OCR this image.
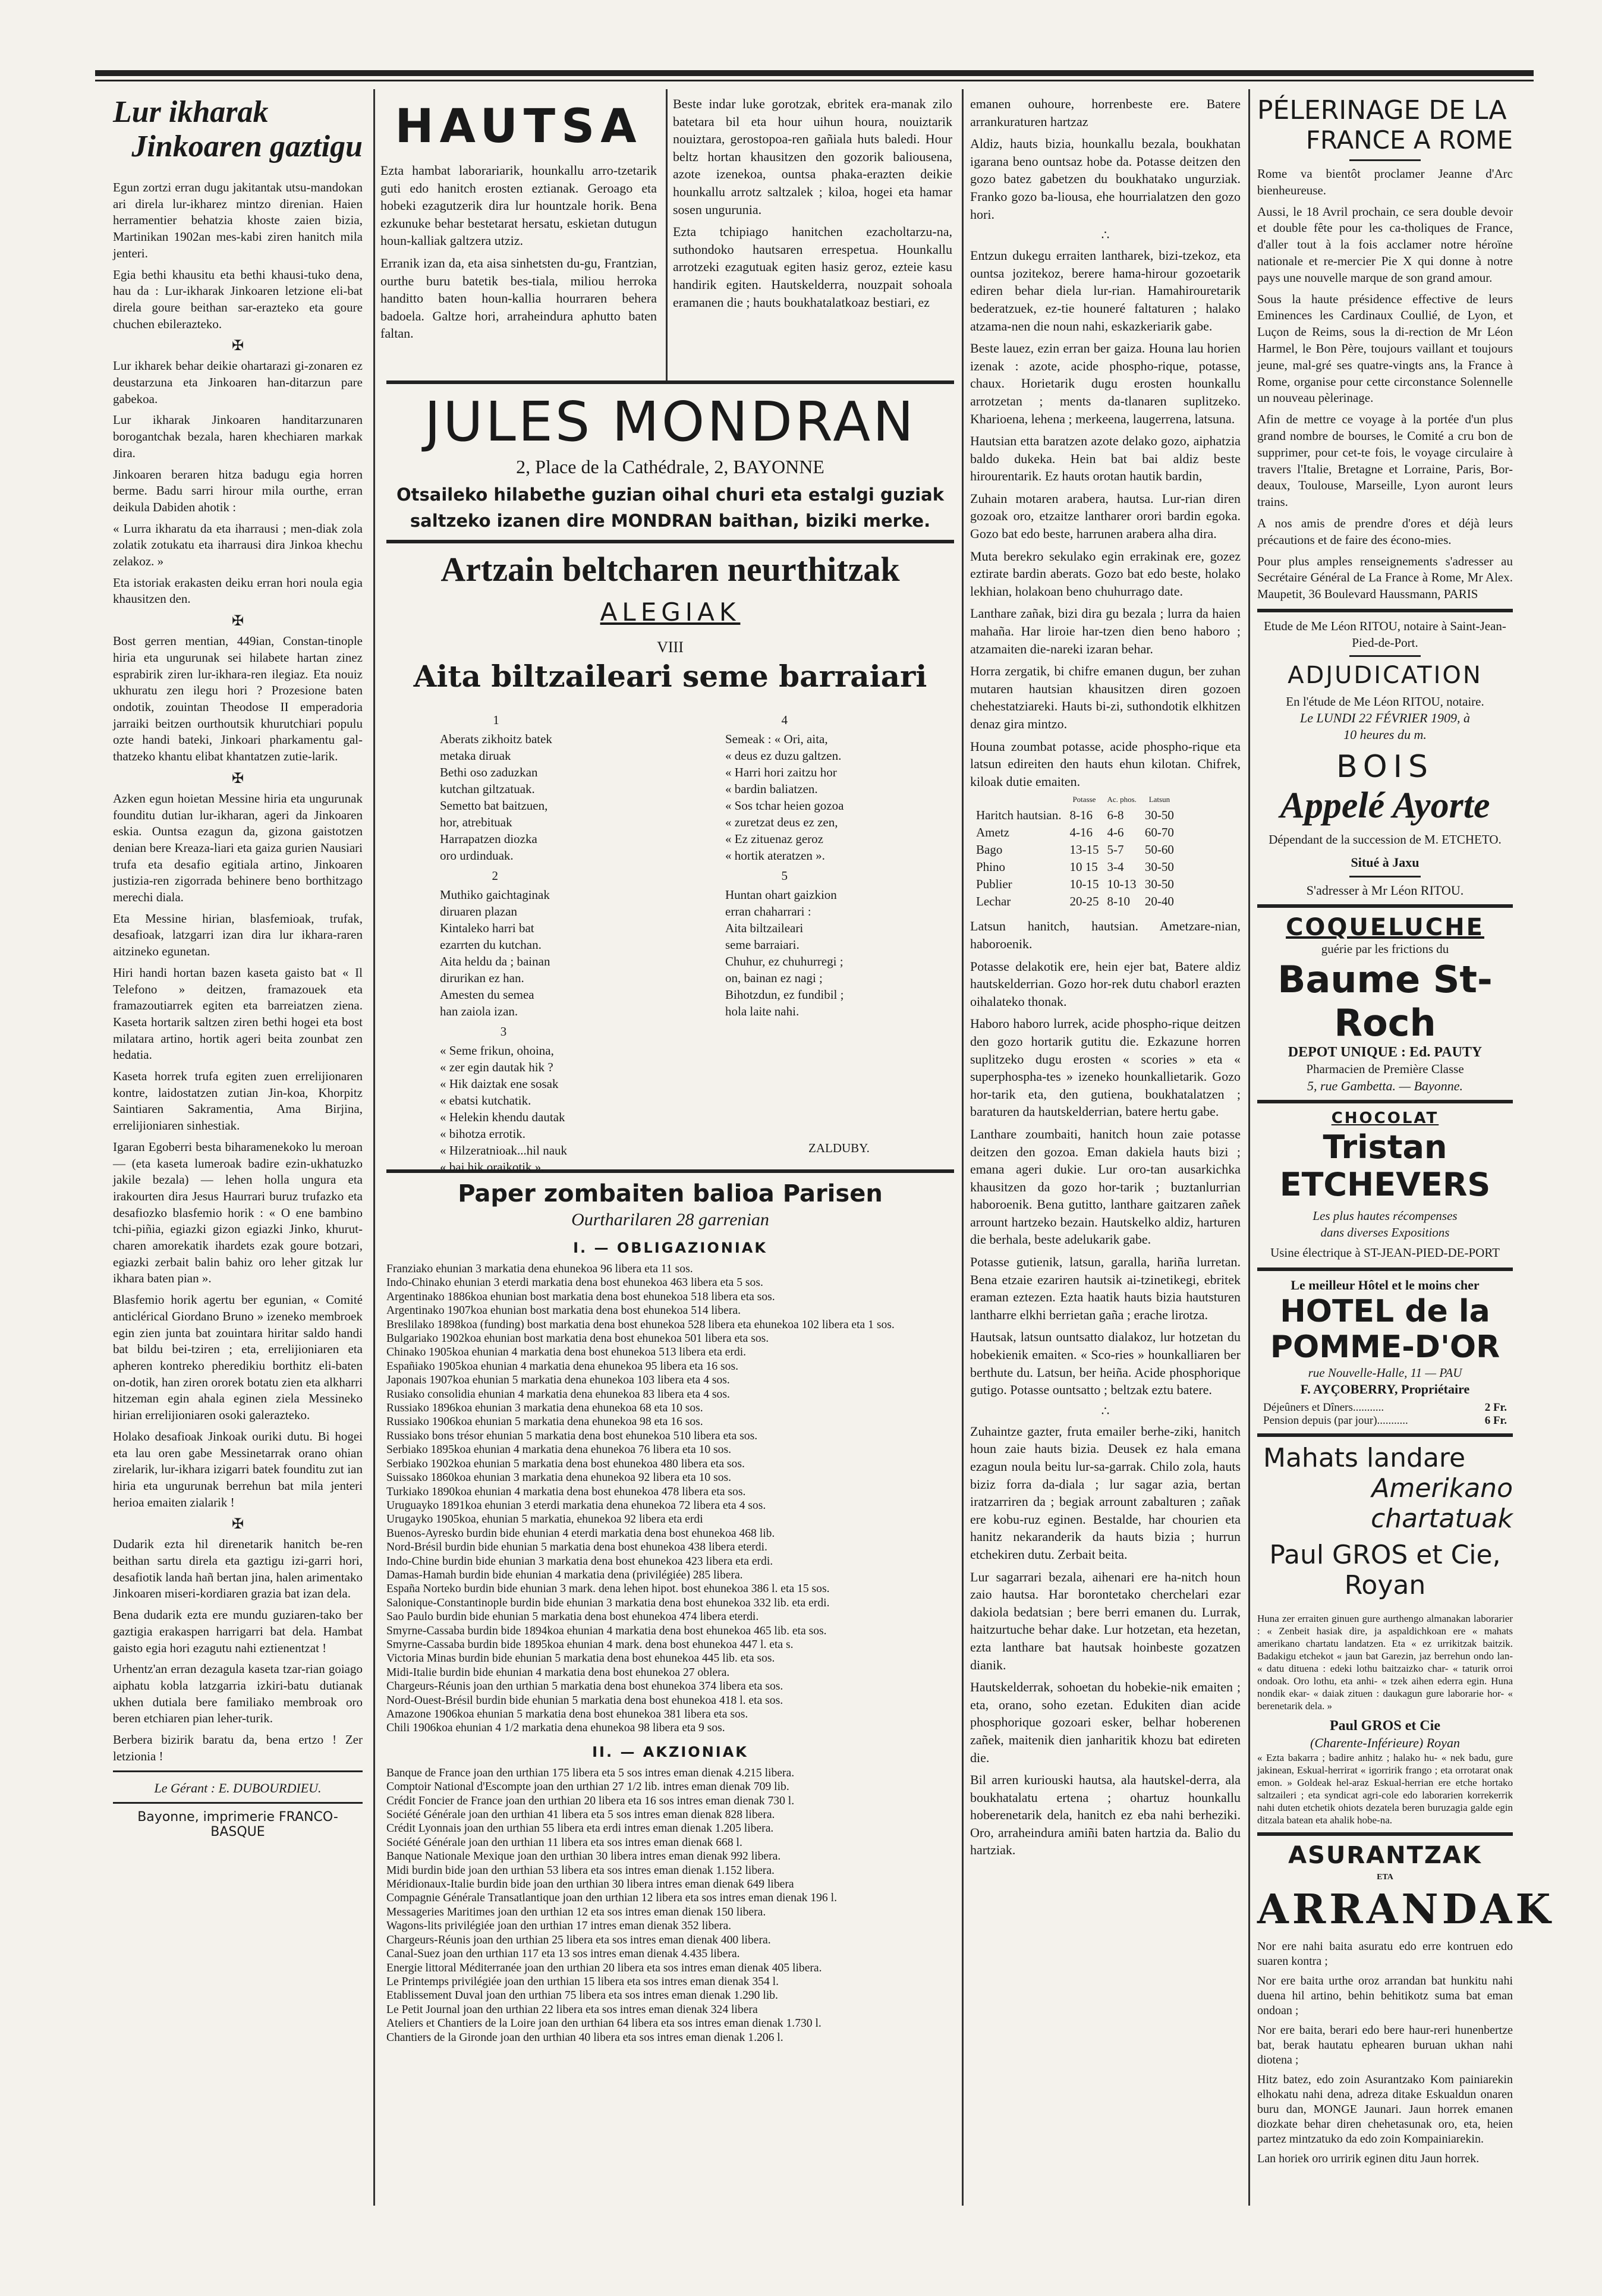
Lur ikharak
Jinkoaren gaztigu

Egun zortzi erran dugu jakitantak utsu-mandokan ari direla lur-ikharez mintzo direnian. Haien herramentier behatzia khoste zaien bizia, Martinikan 1902an mes-kabi ziren hanitch mila jenteri.

Egia bethi khausitu eta bethi khausi-tuko dena, hau da : Lur-ikharak Jinkoaren letzione eli-bat direla goure beithan sar-erazteko eta goure chuchen ebilerazteko.

✠

Lur ikharek behar deikie ohartarazi gi-zonaren ez deustarzuna eta Jinkoaren han-ditarzun pare gabekoa.

Lur ikharak Jinkoaren handitarzunaren borogantchak bezala, haren khechiaren markak dira.

Jinkoaren beraren hitza badugu egia horren berme. Badu sarri hirour mila ourthe, erran deikula Dabiden ahotik :

« Lurra ikharatu da eta iharrausi ; men-diak zola zolatik zotukatu eta iharrausi dira Jinkoa khechu zelakoz. »

Eta istoriak erakasten deiku erran hori noula egia khausitzen den.

✠

Bost gerren mentian, 449ian, Constan-tinople hiria eta ungurunak sei hilabete hartan zinez esprabirik ziren lur-ikhara-ren ilegiaz. Eta nouiz ukhuratu zen ilegu hori ? Prozesione baten ondotik, zouintan Theodose II emperadoria jarraiki beitzen ourthoutsik khurutchiari populu ozte handi bateki, Jinkoari pharkamentu gal-thatzeko khantu elibat khantatzen zutie-larik.

✠

Azken egun hoietan Messine hiria eta ungurunak founditu dutian lur-ikharan, ageri da Jinkoaren eskia. Ountsa ezagun da, gizona gaistotzen denian bere Kreaza-liari eta gaiza gurien Nausiari trufa eta desafio egitiala artino, Jinkoaren justizia-ren zigorrada behinere beno borthitzago merechi diala.

Eta Messine hirian, blasfemioak, trufak, desafioak, latzgarri izan dira lur ikhara-raren aitzineko egunetan.

Hiri handi hortan bazen kaseta gaisto bat « Il Telefono » deitzen, framazouek eta framazoutiarrek egiten eta barreiatzen ziena. Kaseta hortarik saltzen ziren bethi hogei eta bost milatara artino, hortik ageri beita zounbat zen hedatia.

Kaseta horrek trufa egiten zuen errelijionaren kontre, laidostatzen zutian Jin-koa, Khorpitz Saintiaren Sakramentia, Ama Birjina, errelijioniaren sinhestiak.

Igaran Egoberri besta biharamenekoko lu meroan — (eta kaseta lumeroak badire ezin-ukhatuzko jakile bezala) — lehen holla ungura eta irakourten dira Jesus Haurrari buruz trufazko eta desafiozko blasfemio horik : « O ene bambino tchi-piñia, egiazki gizon egiazki Jinko, khurut-charen amorekatik ihardets ezak goure botzari, egiazki zerbait balin bahiz oro leher gitzak lur ikhara baten pian ».

Blasfemio horik agertu ber egunian, « Comité anticlérical Giordano Bruno » izeneko membroek egin zien junta bat zouintara hiritar saldo handi bat bildu bei-tziren ; eta, errelijioniaren eta apheren kontreko pheredikiu borthitz eli-baten on-dotik, han ziren ororek botatu zien eta alkharri hitzeman egin ahala eginen ziela Messineko hirian errelijioniaren osoki galerazteko.

Holako desafioak Jinkoak ouriki dutu. Bi hogei eta lau oren gabe Messinetarrak orano ohian zirelarik, lur-ikhara izigarri batek founditu zut ian hiria eta ungurunak berrehun bat mila jenteri herioa emaiten zialarik !

✠

Dudarik ezta hil direnetarik hanitch be-ren beithan sartu direla eta gaztigu izi-garri hori, desafiotik landa hañ bertan jina, halen arimentako Jinkoaren miseri-kordiaren grazia bat izan dela.

Bena dudarik ezta ere mundu guziaren-tako ber gaztigia erakaspen harrigarri bat dela. Hambat gaisto egia hori ezagutu nahi eztienentzat !

Urhentz'an erran dezagula kaseta tzar-rian goiago aiphatu kobla latzgarria izkiri-batu dutianak ukhen dutiala bere familiako membroak oro beren etchiaren pian leher-turik.

Berbera bizirik baratu da, bena ertzo ! Zer letzionia !

Le Gérant : E. DUBOURDIEU.
Bayonne, imprimerie FRANCO-BASQUE
HAUTSA

Ezta hambat laborariarik, hounkallu arro-tzetarik guti edo hanitch erosten eztianak. Geroago eta hobeki ezagutzerik dira lur hountzale horik. Bena ezkunuke behar bestetarat hersatu, eskietan dutugun houn-kalliak galtzera utziz.

Erranik izan da, eta aisa sinhetsten du-gu, Frantzian, ourthe buru batetik bes-tiala, miliou herroka handitto baten houn-kallia hourraren behera badoela. Galtze hori, arraheindura aphutto baten faltan.

Beste indar luke gorotzak, ebritek era-manak zilo batetara bil eta hour uihun houra, nouiztarik nouiztara, gerostopoa-ren gañiala huts baledi. Hour beltz hortan khausitzen den gozorik baliousena, azote izenekoa, ountsa phaka-erazten deikie hounkallu arrotz saltzalek ; kiloa, hogei eta hamar sosen ungurunia.

Ezta tchipiago hanitchen ezacholtarzu-na, suthondoko hautsaren errespetua. Hounkallu arrotzeki ezagutuak egiten hasiz geroz, ezteie kasu handirik egiten. Hautskelderra, nouzpait sohoala eramanen die ; hauts boukhatalatkoaz bestiari, ez

JULES MONDRAN
2, Place de la Cathédrale, 2, BAYONNE
Otsaileko hilabethe guzian oihal churi eta estalgi guziak
saltzeko izanen dire MONDRAN baithan, biziki merke.
Artzain beltcharen neurthitzak
ALEGIAK
VIII
Aita biltzaileari seme barraiari
1
Aberats zikhoitz batek
metaka diruak
Bethi oso zaduzkan
kutchan giltzatuak.
Semetto bat baitzuen,
hor, atrebituak
Harrapatzen diozka
oro urdinduak.
2
Muthiko gaichtaginak
diruaren plazan
Kintaleko harri bat
ezarrten du kutchan.
Aita heldu da ; bainan
dirurikan ez han.
Amesten du semea
han zaiola izan.
3
« Seme frikun, ohoina,
« zer egin dautak hik ?
« Hik daiztak ene sosak
« ebatsi kutchatik.
« Helekin khendu dautak
« bihotza errotik.
« Hilzeratnioak...hil nauk
« bai hik oraikotik ».
4
Semeak : « Ori, aita,
« deus ez duzu galtzen.
« Harri hori zaitzu hor
« bardin baliatzen.
« Sos tchar heien gozoa
« zuretzat deus ez zen,
« Ez zituenaz geroz
« hortik ateratzen ».
5
Huntan ohart gaizkion
erran chaharrari :
Aita biltzaileari
seme barraiari.
Chuhur, ez chuhurregi ;
on, bainan ez nagi ;
Bihotzdun, ez fundibil ;
hola laite nahi.
ZALDUBY.
Paper zombaiten balioa Parisen
Ourtharilaren 28 garrenian
I. — OBLIGAZIONIAK

Franziako ehunian 3 markatia dena ehunekoa 96 libera eta 11 sos.

Indo-Chinako ehunian 3 eterdi markatia dena bost ehunekoa 463 libera eta 5 sos.

Argentinako 1886koa ehunian bost markatia dena bost ehunekoa 518 libera eta sos.

Argentinako 1907koa ehunian bost markatia dena bost ehunekoa 514 libera.

Breslilako 1898koa (funding) bost markatia dena bost ehunekoa 528 libera eta ehunekoa 102 libera eta 1 sos.

Bulgariako 1902koa ehunian bost markatia dena bost ehunekoa 501 libera eta sos.

Chinako 1905koa ehunian 4 markatia dena bost ehunekoa 513 libera eta erdi.

Españiako 1905koa ehunian 4 markatia dena ehunekoa 95 libera eta 16 sos.

Japonais 1907koa ehunian 5 markatia dena ehunekoa 103 libera eta 4 sos.

Rusiako consolidia ehunian 4 markatia dena ehunekoa 83 libera eta 4 sos.

Russiako 1896koa ehunian 3 markatia dena ehunekoa 68 eta 10 sos.

Russiako 1906koa ehunian 5 markatia dena ehunekoa 98 eta 16 sos.

Russiako bons trésor ehunian 5 markatia dena bost ehunekoa 510 libera eta sos.

Serbiako 1895koa ehunian 4 markatia dena ehunekoa 76 libera eta 10 sos.

Serbiako 1902koa ehunian 5 markatia dena bost ehunekoa 480 libera eta sos.

Suissako 1860koa ehunian 3 markatia dena ehunekoa 92 libera eta 10 sos.

Turkiako 1890koa ehunian 4 markatia dena bost ehunekoa 478 libera eta sos.

Uruguayko 1891koa ehunian 3 eterdi markatia dena ehunekoa 72 libera eta 4 sos.

Urugayko 1905koa, ehunian 5 markatia, ehunekoa 92 libera eta erdi

Buenos-Ayresko burdin bide ehunian 4 eterdi markatia dena bost ehunekoa 468 lib.

Nord-Brésil burdin bide ehunian 5 markatia dena bost ehunekoa 438 libera eterdi.

Indo-Chine burdin bide ehunian 3 markatia dena bost ehunekoa 423 libera eta erdi.

Damas-Hamah burdin bide ehunian 4 markatia dena (privilégiée) 285 libera.

España Norteko burdin bide ehunian 3 mark. dena lehen hipot. bost ehunekoa 386 l. eta 15 sos.

Salonique-Constantinople burdin bide ehunian 3 markatia dena bost ehunekoa 332 lib. eta erdi.

Sao Paulo burdin bide ehunian 5 markatia dena bost ehunekoa 474 libera eterdi.

Smyrne-Cassaba burdin bide 1894koa ehunian 4 markatia dena bost ehunekoa 465 lib. eta sos.

Smyrne-Cassaba burdin bide 1895koa ehunian 4 mark. dena bost ehunekoa 447 l. eta s.

Victoria Minas burdin bide ehunian 5 markatia dena bost ehunekoa 445 lib. eta sos.

Midi-Italie burdin bide ehunian 4 markatia dena bost ehunekoa 27 oblera.

Chargeurs-Réunis joan den urthian 5 markatia dena bost ehunekoa 374 libera eta sos.

Nord-Ouest-Brésil burdin bide ehunian 5 markatia dena bost ehunekoa 418 l. eta sos.

Amazone 1906koa ehunian 5 markatia dena bost ehunekoa 381 libera eta sos.

Chili 1906koa ehunian 4 1/2 markatia dena ehunekoa 98 libera eta 9 sos.

II. — AKZIONIAK

Banque de France joan den urthian 175 libera eta 5 sos intres eman dienak 4.215 libera.

Comptoir National d'Escompte joan den urthian 27 1/2 lib. intres eman dienak 709 lib.

Crédit Foncier de France joan den urthian 20 libera eta 16 sos intres eman dienak 730 l.

Société Générale joan den urthian 41 libera eta 5 sos intres eman dienak 828 libera.

Crédit Lyonnais joan den urthian 55 libera eta erdi intres eman dienak 1.205 libera.

Société Générale joan den urthian 11 libera eta sos intres eman dienak 668 l.

Banque Nationale Mexique joan den urthian 30 libera intres eman dienak 992 libera.

Midi burdin bide joan den urthian 53 libera eta sos intres eman dienak 1.152 libera.

Méridionaux-Italie burdin bide joan den urthian 30 libera intres eman dienak 649 libera

Compagnie Générale Transatlantique joan den urthian 12 libera eta sos intres eman dienak 196 l.

Messageries Maritimes joan den urthian 12 eta sos intres eman dienak 150 libera.

Wagons-lits privilégiée joan den urthian 17 intres eman dienak 352 libera.

Chargeurs-Réunis joan den urthian 25 libera eta sos intres eman dienak 400 libera.

Canal-Suez joan den urthian 117 eta 13 sos intres eman dienak 4.435 libera.

Energie littoral Méditerranée joan den urthian 20 libera eta sos intres eman dienak 405 libera.

Le Printemps privilégiée joan den urthian 15 libera eta sos intres eman dienak 354 l.

Etablissement Duval joan den urthian 75 libera eta sos intres eman dienak 1.290 lib.

Le Petit Journal joan den urthian 22 libera eta sos intres eman dienak 324 libera

Ateliers et Chantiers de la Loire joan den urthian 64 libera eta sos intres eman dienak 1.730 l.

Chantiers de la Gironde joan den urthian 40 libera eta sos intres eman dienak 1.206 l.

emanen ouhoure, horrenbeste ere. Batere arrankuraturen hartzaz

Aldiz, hauts bizia, hounkallu bezala, boukhatan igarana beno ountsaz hobe da. Potasse deitzen den gozo batez gabetzen du boukhatako ungurziak. Franko gozo ba-liousa, ehe hourrialatzen den gozo hori.

∴

Entzun dukegu erraiten lantharek, bizi-tzekoz, eta ountsa jozitekoz, berere hama-hirour gozoetarik ediren behar diela lur-rian. Hamahirouretarik bederatzuek, ez-tie houneré faltaturen ; halako atzama-nen die noun nahi, eskazkeriarik gabe.

Beste lauez, ezin erran ber gaiza. Houna lau horien izenak : azote, acide phospho-rique, potasse, chaux. Horietarik dugu erosten hounkallu arrotzetan ; ments da-tlanaren suplitzeko. Kharioena, lehena ; merkeena, laugerrena, latsuna.

Hautsian etta baratzen azote delako gozo, aiphatzia baldo dukeka. Hein bat bai aldiz beste hirourentarik. Ez hauts orotan hautik bardin,

Zuhain motaren arabera, hautsa. Lur-rian diren gozoak oro, etzaitze lantharer orori bardin egoka. Gozo bat edo beste, harrunen arabera alha dira.

Muta berekro sekulako egin errakinak ere, gozez eztirate bardin aberats. Gozo bat edo beste, holako lekhian, holakoan beno chuhurrago date.

Lanthare zañak, bizi dira gu bezala ; lurra da haien mahaña. Har liroie har-tzen dien beno haboro ; atzamaiten die-nareki izaran behar.

Horra zergatik, bi chifre emanen dugun, ber zuhan mutaren hautsian khausitzen diren gozoen chehestatziareki. Hauts bi-zi, suthondotik elkhitzen denaz gira mintzo.

Houna zoumbat potasse, acide phospho-rique eta latsun edireiten den hauts ehun kilotan. Chifrek, kiloak dutie emaiten.

	Potasse	Ac. phos.	Latsun
Haritch hautsian.	8-16	6-8	30-50
Ametz	4-16	4-6	60-70
Bago	13-15	5-7	50-60
Phino	10 15	3-4	30-50
Publier	10-15	10-13	30-50
Lechar	20-25	8-10	20-40

Latsun hanitch, hautsian. Ametzare-nian, haboroenik.

Potasse delakotik ere, hein ejer bat, Batere aldiz hautskelderrian. Gozo hor-rek dutu chaborl erazten oihalateko thonak.

Haboro haboro lurrek, acide phospho-rique deitzen den gozo hortarik gutitu die. Ezkazune horren suplitzeko dugu erosten « scories » eta « superphospha-tes » izeneko hounkallietarik. Gozo hor-tarik eta, den gutiena, boukhatalatzen ; baraturen da hautskelderrian, batere hertu gabe.

Lanthare zoumbaiti, hanitch houn zaie potasse deitzen den gozoa. Eman dakiela hauts bizi ; emana ageri dukie. Lur oro-tan ausarkichka khausitzen da gozo hor-tarik ; buztanlurrian haboroenik. Bena gutitto, lanthare gaitzaren zañek arrount hartzeko bezain. Hautskelko aldiz, harturen die berhala, beste adelukarik gabe.

Potasse gutienik, latsun, garalla, hariña lurretan. Bena etzaie ezariren hautsik ai-tzinetikegi, ebritek eraman eztezen. Ezta haatik hauts bizia hautsturen lantharre elkhi berrietan gaña ; erache lirotza.

Hautsak, latsun ountsatto dialakoz, lur hotzetan du hobekienik emaiten. « Sco-ries » hounkalliaren ber berthute du. Latsun, ber heiña. Acide phosphorique gutigo. Potasse ountsatto ; beltzak eztu batere.

∴

Zuhaintze gazter, fruta emailer berhe-ziki, hanitch houn zaie hauts bizia. Deusek ez hala emana ezagun noula beitu lur-sa-garrak. Chilo zola, hauts biziz forra da-diala ; lur sagar azia, bertan iratzarriren da ; begiak arrount zabalturen ; zañak ere kobu-ruz eginen. Bestalde, har chourien eta hanitz nekaranderik da hauts bizia ; hurrun etchekiren dutu. Zerbait beita.

Lur sagarrari bezala, aihenari ere ha-nitch houn zaio hautsa. Har borontetako cherchelari ezar dakiola bedatsian ; bere berri emanen du. Lurrak, haitzurtuche behar dake. Lur hotzetan, eta hezetan, ezta lanthare bat hautsak hoinbeste gozatzen dianik.

Hautskelderrak, sohoetan du hobekie-nik emaiten ; eta, orano, soho ezetan. Edukiten dian acide phosphorique gozoari esker, belhar hoberenen zañek, maitenik dien janharitik khozu bat edireten die.

Bil arren kuriouski hautsa, ala hautskel-derra, ala boukhatalatu ertena ; ohartuz hounkallu hoberenetarik dela, hanitch ez eba nahi berheziki. Oro, arraheindura amiñi baten hartzia da. Balio du hartziak.

PÉLERINAGE DE LA
FRANCE A ROME

Rome va bientôt proclamer Jeanne d'Arc bienheureuse.

Aussi, le 18 Avril prochain, ce sera double devoir et double fête pour les ca-tholiques de France, d'aller tout à la fois acclamer notre héroïne nationale et re-mercier Pie X qui donne à notre pays une nouvelle marque de son grand amour.

Sous la haute présidence effective de leurs Eminences les Cardinaux Coullié, de Lyon, et Luçon de Reims, sous la di-rection de Mr Léon Harmel, le Bon Père, toujours vaillant et toujours jeune, mal-gré ses quatre-vingts ans, la France à Rome, organise pour cette circonstance Solennelle un nouveau pèlerinage.

Afin de mettre ce voyage à la portée d'un plus grand nombre de bourses, le Comité a cru bon de supprimer, pour cet-te fois, le voyage circulaire à travers l'Italie, Bretagne et Lorraine, Paris, Bor-deaux, Toulouse, Marseille, Lyon auront leurs trains.

A nos amis de prendre d'ores et déjà leurs précautions et de faire des écono-mies.

Pour plus amples renseignements s'adresser au Secrétaire Général de La France à Rome, Mr Alex. Maupetit, 36 Boulevard Haussmann, PARIS

Etude de Me Léon RITOU, notaire à Saint-Jean-Pied-de-Port.

ADJUDICATION

En l'étude de Me Léon RITOU, notaire.

Le LUNDI 22 FÉVRIER 1909, à

10 heures du m.

BOIS
Appelé Ayorte

Dépendant de la succession de M. ETCHETO.

Situé à Jaxu

S'adresser à Mr Léon RITOU.

COQUELUCHE

guérie par les frictions du

Baume St-Roch

DEPOT UNIQUE : Ed. PAUTY

Pharmacien de Première Classe

5, rue Gambetta. — Bayonne.

CHOCOLAT
Tristan ETCHEVERS

Les plus hautes récompenses

dans diverses Expositions

Usine électrique à ST-JEAN-PIED-DE-PORT

Le meilleur Hôtel et le moins cher

HOTEL de la POMME-D'OR

rue Nouvelle-Halle, 11 — PAU

F. AYÇOBERRY, Propriétaire

Déjeûners et Dîners...........	2 Fr.
Pension depuis (par jour)...........	6 Fr.
Mahats landare
Amerikano chartatuak
Paul GROS et Cie, Royan

Huna zer erraiten ginuen gure aurthengo almanakan laborarier : « Zenbeit hasiak dire, ja aspaldichkoan ere « mahats amerikano chartatu landatzen. Eta « ez urrikitzak baitzik. Badakigu etchekot « jaun bat Garezin, jaz berrehun ondo lan- « datu dituena : edeki lothu baitzaizko char- « taturik orroi ondoak. Oro lothu, eta anhi- « tzek aihen ederra egin. Huna nondik ekar- « daiak zituen : daukagun gure laborarie hor- « berenetarik dela. »

Paul GROS et Cie

(Charente-Inférieure) Royan

« Ezta bakarra ; badire anhitz ; halako hu- « nek badu, gure jakinean, Eskual-herrirat « igorririk frango ; eta orrotarat onak emon. » Goldeak hel-araz Eskual-herrian ere etche hortako saltzaileri ; eta syndicat agri-cole edo laborarien korrekerrik nahi duten etchetik ohiots dezatela beren buruzagia galde egin ditzala batean eta ahalik hobe-na.

ASURANTZAK

ETA

ARRANDAK

Nor ere nahi baita asuratu edo erre kontruen edo suaren kontra ;

Nor ere baita urthe oroz arrandan bat hunkitu nahi duena hil artino, behin behitikotz suma bat eman ondoan ;

Nor ere baita, berari edo bere haur-reri hunenbertze bat, berak hautatu ephearen buruan ukhan nahi diotena ;

Hitz batez, edo zoin Asurantzako Kom painiarekin elhokatu nahi dena, adreza ditake Eskualdun onaren buru dan, MONGE Jaunari. Jaun horrek emanen diozkate behar diren chehetasunak oro, eta, heien partez mintzatuko da edo zoin Kompainiarekin.

Lan horiek oro urririk eginen ditu Jaun horrek.
